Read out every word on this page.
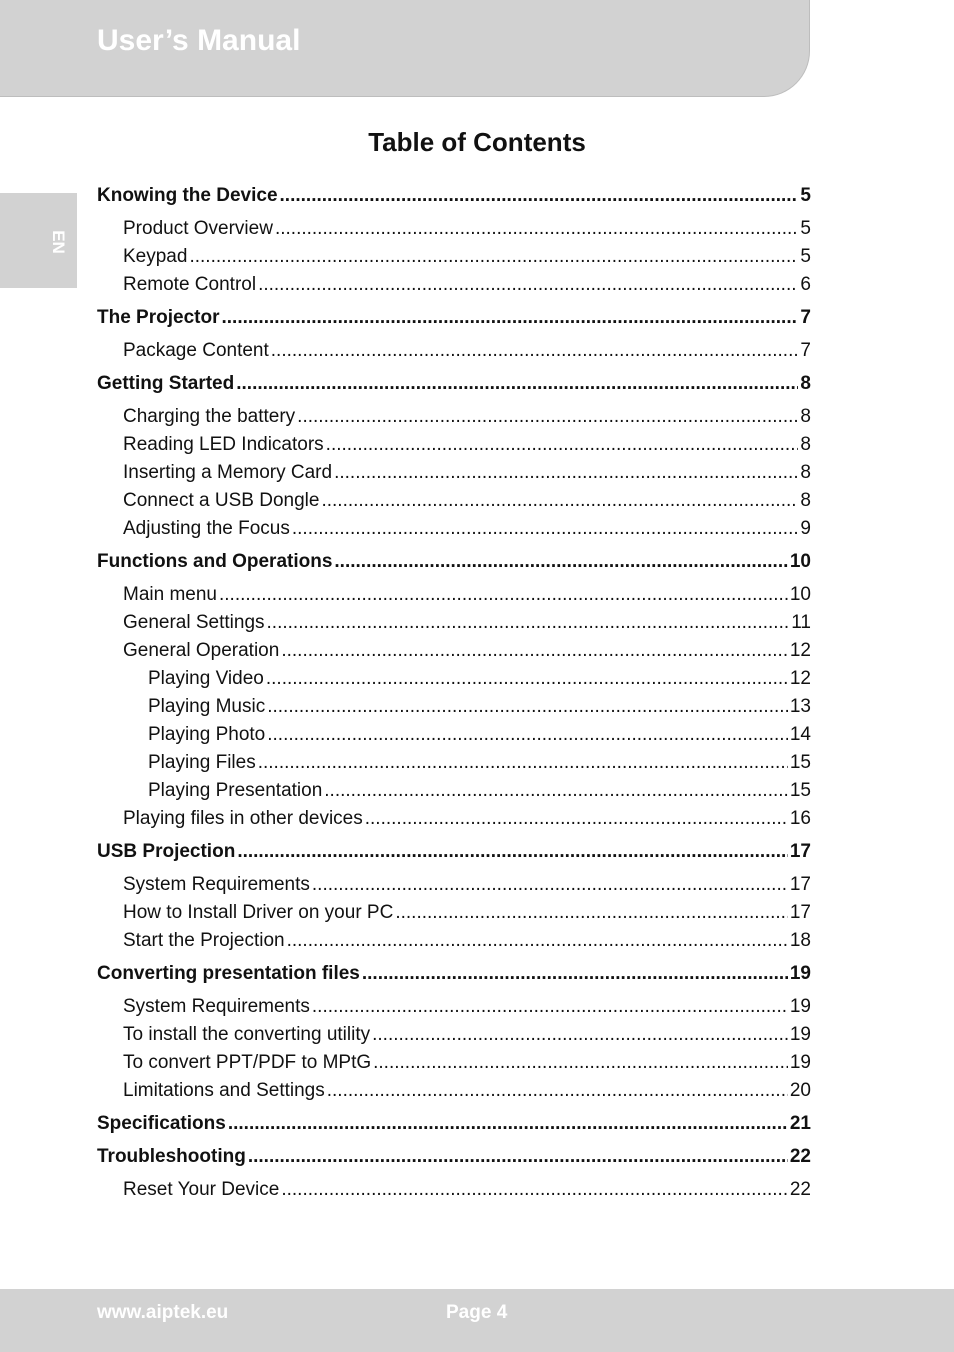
User’s Manual
EN
Table of Contents
Knowing the Device .....	5
Product Overview .....	5
Keypad .....	5
Remote Control .....	6
The Projector .....	7
Package Content .....	7
Getting Started .....	8
Charging the battery .....	8
Reading LED Indicators .....	8
Inserting a Memory Card .....	8
Connect a USB Dongle .....	8
Adjusting the Focus .....	9
Functions and Operations .....	10
Main menu .....	10
General Settings .....	11
General Operation .....	12
Playing Video .....	12
Playing Music .....	13
Playing Photo .....	14
Playing Files .....	15
Playing Presentation .....	15
Playing files in other devices .....	16
USB Projection .....	17
System Requirements .....	17
How to Install Driver on your PC .....	17
Start the Projection .....	18
Converting presentation files .....	19
System Requirements .....	19
To install the converting utility .....	19
To convert PPT/PDF to MPtG .....	19
Limitations and Settings .....	20
Specifications .....	21
Troubleshooting .....	22
Reset Your Device .....	22
www.aiptek.eu	Page 4
